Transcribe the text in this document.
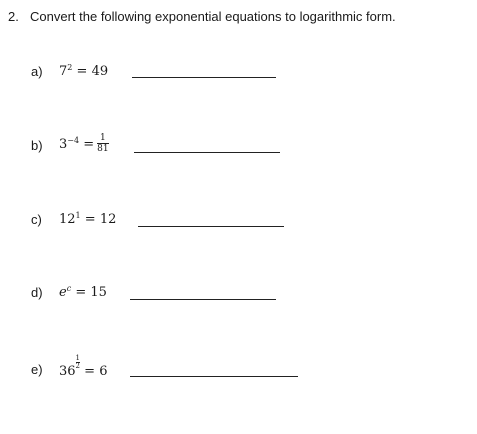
2. Convert the following exponential equations to logarithmic form.
a) $7^2 = 49$
b) $3^{-4} = \frac{1}{81}$
c) $12^1 = 12$
d) $e^c = 15$
e) 36
$\frac{1}{2}$
= 6
